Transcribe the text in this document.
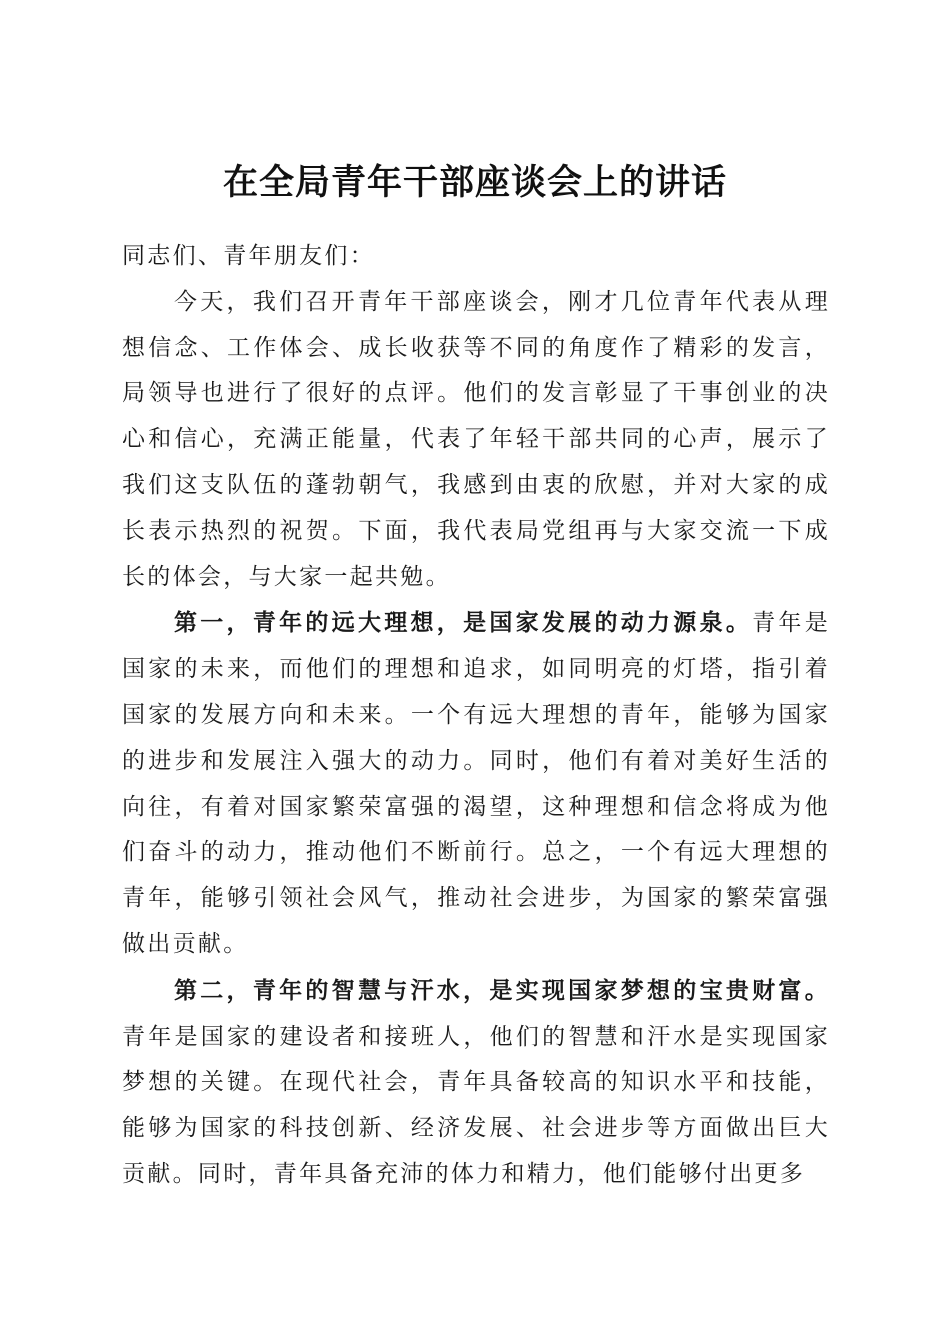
在全局青年干部座谈会上的讲话

同志们、青年朋友们：

今天，我们召开青年干部座谈会，刚才几位青年代表从理想信念、工作体会、成长收获等不同的角度作了精彩的发言，局领导也进行了很好的点评。他们的发言彰显了干事创业的决心和信心，充满正能量，代表了年轻干部共同的心声，展示了我们这支队伍的蓬勃朝气，我感到由衷的欣慰，并对大家的成长表示热烈的祝贺。下面，我代表局党组再与大家交流一下成长的体会，与大家一起共勉。

第一，青年的远大理想，是国家发展的动力源泉。青年是国家的未来，而他们的理想和追求，如同明亮的灯塔，指引着国家的发展方向和未来。一个有远大理想的青年，能够为国家的进步和发展注入强大的动力。同时，他们有着对美好生活的向往，有着对国家繁荣富强的渴望，这种理想和信念将成为他们奋斗的动力，推动他们不断前行。总之，一个有远大理想的青年，能够引领社会风气，推动社会进步，为国家的繁荣富强做出贡献。

第二，青年的智慧与汗水，是实现国家梦想的宝贵财富。青年是国家的建设者和接班人，他们的智慧和汗水是实现国家梦想的关键。在现代社会，青年具备较高的知识水平和技能，能够为国家的科技创新、经济发展、社会进步等方面做出巨大贡献。同时，青年具备充沛的体力和精力，他们能够付出更多
